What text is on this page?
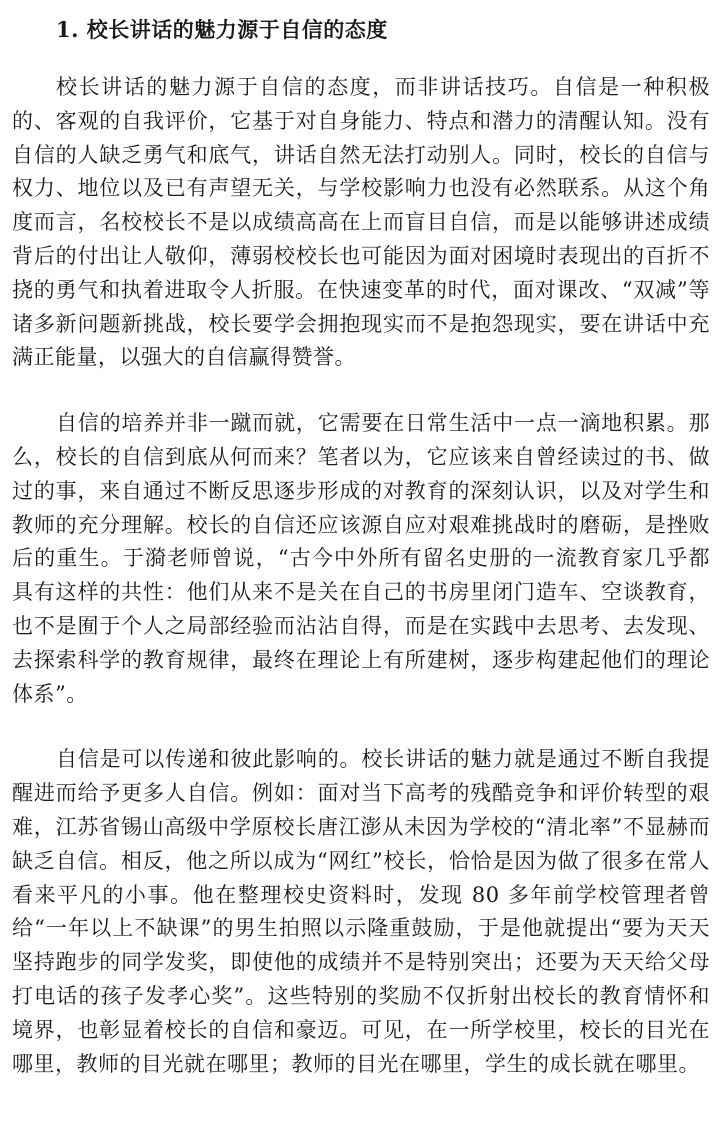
1. 校长讲话的魅力源于自信的态度

校长讲话的魅力源于自信的态度，而非讲话技巧。自信是一种积极的、客观的自我评价，它基于对自身能力、特点和潜力的清醒认知。没有自信的人缺乏勇气和底气，讲话自然无法打动别人。同时，校长的自信与权力、地位以及已有声望无关，与学校影响力也没有必然联系。从这个角度而言，名校校长不是以成绩高高在上而盲目自信，而是以能够讲述成绩背后的付出让人敬仰，薄弱校校长也可能因为面对困境时表现出的百折不挠的勇气和执着进取令人折服。在快速变革的时代，面对课改、“双减”等诸多新问题新挑战，校长要学会拥抱现实而不是抱怨现实，要在讲话中充满正能量，以强大的自信赢得赞誉。

自信的培养并非一蹴而就，它需要在日常生活中一点一滴地积累。那么，校长的自信到底从何而来？笔者以为，它应该来自曾经读过的书、做过的事，来自通过不断反思逐步形成的对教育的深刻认识，以及对学生和教师的充分理解。校长的自信还应该源自应对艰难挑战时的磨砺，是挫败后的重生。于漪老师曾说，“古今中外所有留名史册的一流教育家几乎都具有这样的共性：他们从来不是关在自己的书房里闭门造车、空谈教育，也不是囿于个人之局部经验而沾沾自得，而是在实践中去思考、去发现、去探索科学的教育规律，最终在理论上有所建树，逐步构建起他们的理论体系”。

自信是可以传递和彼此影响的。校长讲话的魅力就是通过不断自我提醒进而给予更多人自信。例如：面对当下高考的残酷竞争和评价转型的艰难，江苏省锡山高级中学原校长唐江澎从未因为学校的“清北率”不显赫而缺乏自信。相反，他之所以成为“网红”校长，恰恰是因为做了很多在常人看来平凡的小事。他在整理校史资料时，发现 80 多年前学校管理者曾给“一年以上不缺课”的男生拍照以示隆重鼓励，于是他就提出“要为天天坚持跑步的同学发奖，即使他的成绩并不是特别突出；还要为天天给父母打电话的孩子发孝心奖”。这些特别的奖励不仅折射出校长的教育情怀和境界，也彰显着校长的自信和豪迈。可见，在一所学校里，校长的目光在哪里，教师的目光就在哪里；教师的目光在哪里，学生的成长就在哪里。
